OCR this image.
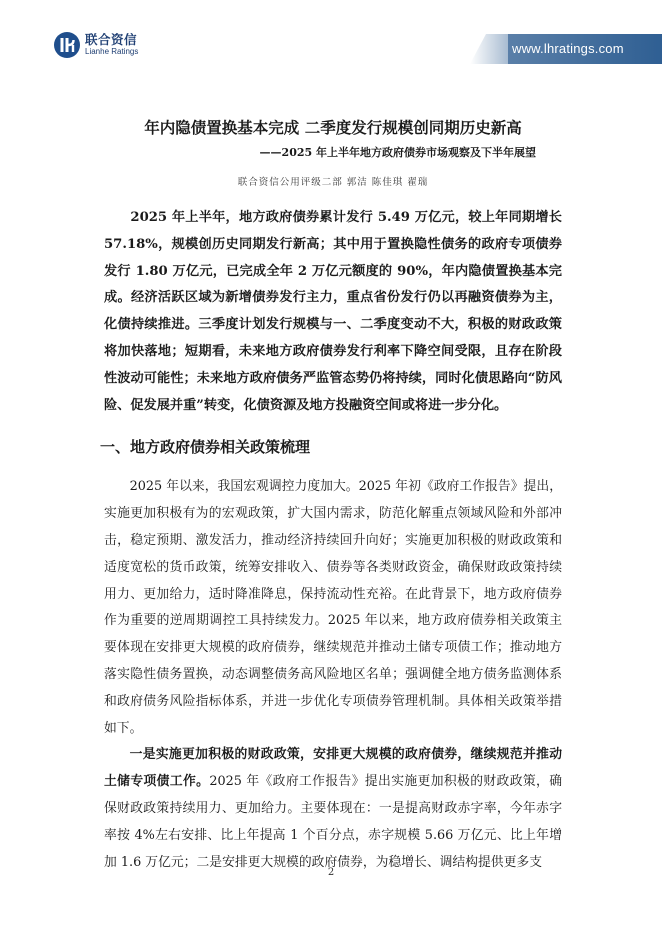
联合资信
Lianhe Ratings	www.lhratings.com
年内隐债置换基本完成 二季度发行规模创同期历史新高
——2025 年上半年地方政府债券市场观察及下半年展望
联合资信公用评级二部 郭洁 陈佳琪 翟瑞

2025 年上半年，地方政府债券累计发行 5.49 万亿元，较上年同期增长 57.18%，规模创历史同期发行新高；其中用于置换隐性债务的政府专项债券发行 1.80 万亿元，已完成全年 2 万亿元额度的 90%，年内隐债置换基本完成。经济活跃区域为新增债券发行主力，重点省份发行仍以再融资债券为主，化债持续推进。三季度计划发行规模与一、二季度变动不大，积极的财政政策将加快落地；短期看，未来地方政府债券发行利率下降空间受限，且存在阶段性波动可能性；未来地方政府债务严监管态势仍将持续，同时化债思路向“防风险、促发展并重”转变，化债资源及地方投融资空间或将进一步分化。

一、地方政府债券相关政策梳理

2025 年以来，我国宏观调控力度加大。2025 年初《政府工作报告》提出，实施更加积极有为的宏观政策，扩大国内需求，防范化解重点领域风险和外部冲击，稳定预期、激发活力，推动经济持续回升向好；实施更加积极的财政政策和适度宽松的货币政策，统筹安排收入、债券等各类财政资金，确保财政政策持续用力、更加给力，适时降准降息，保持流动性充裕。在此背景下，地方政府债券作为重要的逆周期调控工具持续发力。2025 年以来，地方政府债券相关政策主要体现在安排更大规模的政府债券，继续规范并推动土储专项债工作；推动地方落实隐性债务置换，动态调整债务高风险地区名单；强调健全地方债务监测体系和政府债务风险指标体系，并进一步优化专项债券管理机制。具体相关政策举措如下。

一是实施更加积极的财政政策，安排更大规模的政府债券，继续规范并推动土储专项债工作。2025 年《政府工作报告》提出实施更加积极的财政政策，确保财政政策持续用力、更加给力。主要体现在：一是提高财政赤字率，今年赤字率按 4%左右安排、比上年提高 1 个百分点，赤字规模 5.66 万亿元、比上年增加 1.6 万亿元；二是安排更大规模的政府债券，为稳增长、调结构提供更多支

2
